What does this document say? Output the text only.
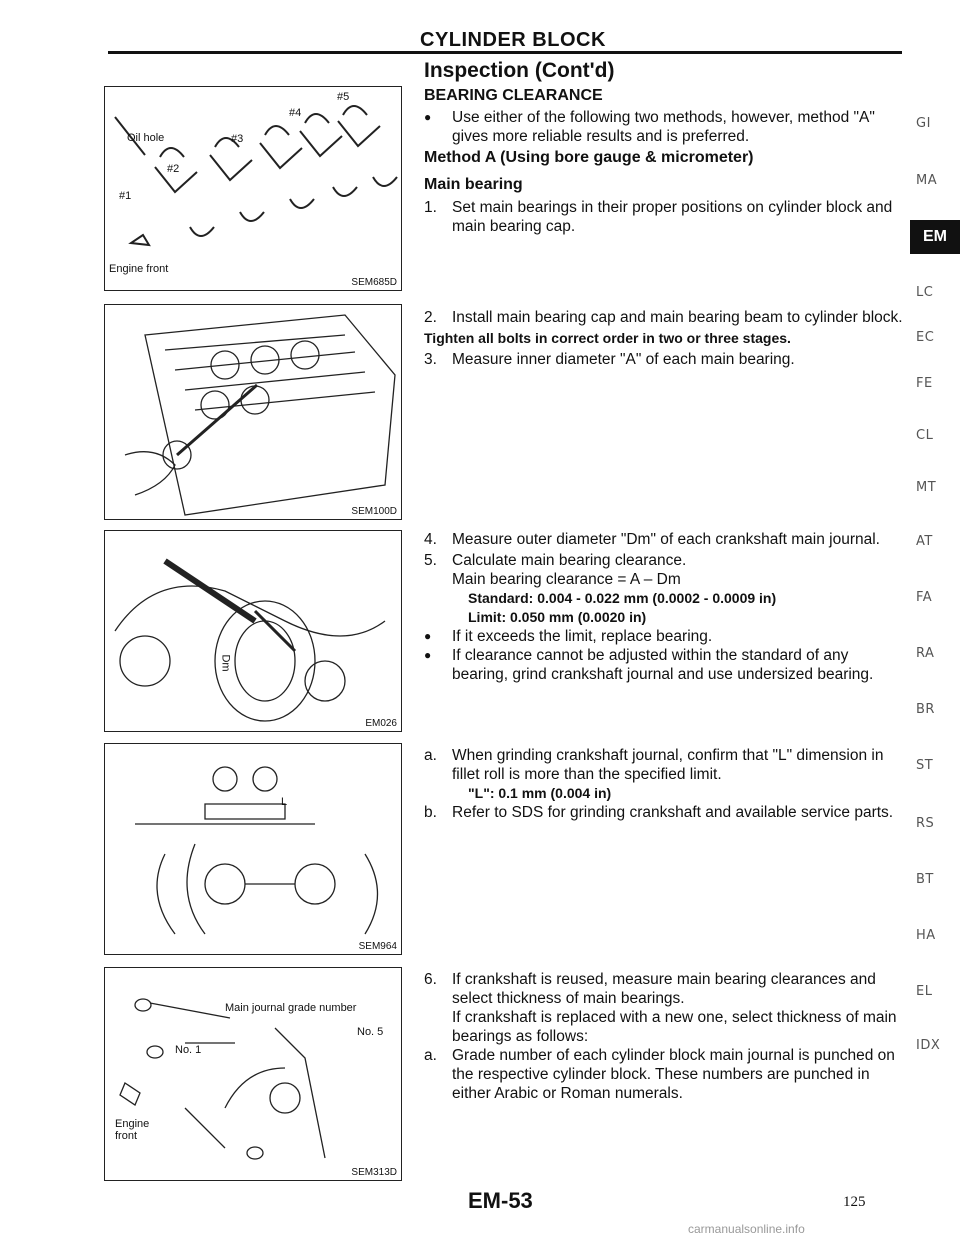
CYLINDER BLOCK
Inspection (Cont'd)
Oil hole
Engine front
#1
#2
#3
#4
#5
SEM685D
SEM100D
Dm
EM026
L
SEM964
Main journal grade number
No. 5
No. 1
Engine front
SEM313D
BEARING CLEARANCE
● Use either of the following two methods, however, method "A" gives more reliable results and is preferred.
Method A (Using bore gauge & micrometer)
Main bearing
1. Set main bearings in their proper positions on cylinder block and main bearing cap.
2. Install main bearing cap and main bearing beam to cylinder block.
Tighten all bolts in correct order in two or three stages.
3. Measure inner diameter "A" of each main bearing.
4. Measure outer diameter "Dm" of each crankshaft main journal.
5. Calculate main bearing clearance.
Main bearing clearance = A – Dm
Standard: 0.004 - 0.022 mm (0.0002 - 0.0009 in)
Limit: 0.050 mm (0.0020 in)
● If it exceeds the limit, replace bearing.
● If clearance cannot be adjusted within the standard of any bearing, grind crankshaft journal and use undersized bearing.
a. When grinding crankshaft journal, confirm that "L" dimension in fillet roll is more than the specified limit.
"L": 0.1 mm (0.004 in)
b. Refer to SDS for grinding crankshaft and available service parts.
6. If crankshaft is reused, measure main bearing clearances and select thickness of main bearings.
If crankshaft is replaced with a new one, select thickness of main bearings as follows:
a. Grade number of each cylinder block main journal is punched on the respective cylinder block. These numbers are punched in either Arabic or Roman numerals.
GI
MA
EM
LC
EC
FE
CL
MT
AT
FA
RA
BR
ST
RS
BT
HA
EL
IDX
EM-53	125
carmanualsonline.info
